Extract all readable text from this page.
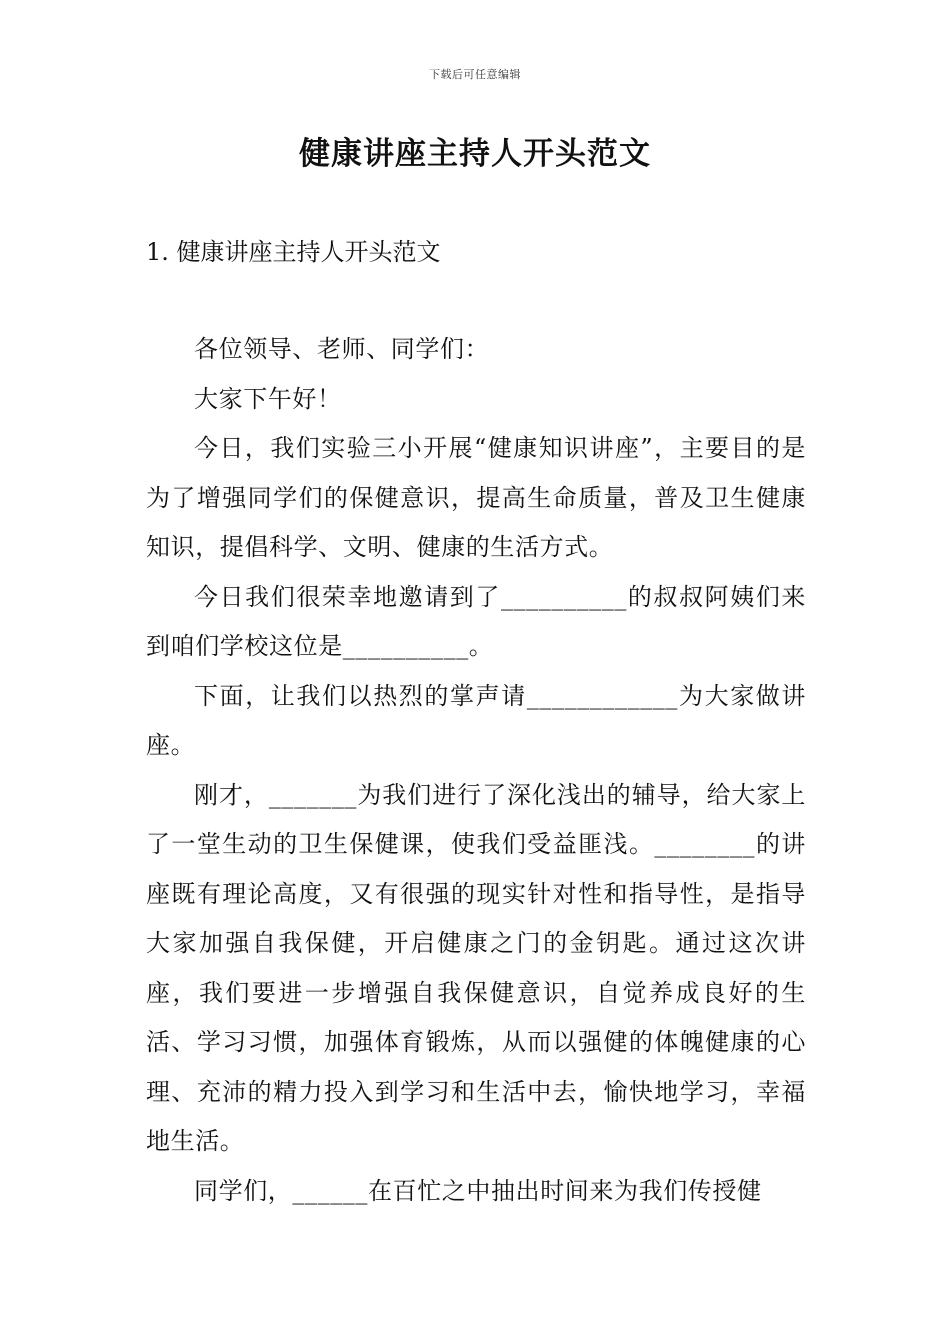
下载后可任意编辑
健康讲座主持人开头范文
1. 健康讲座主持人开头范文

各位领导、老师、同学们：

大家下午好！

今日，我们实验三小开展“健康知识讲座”，主要目的是为了增强同学们的保健意识，提高生命质量，普及卫生健康知识，提倡科学、文明、健康的生活方式。

今日我们很荣幸地邀请到了__________的叔叔阿姨们来到咱们学校这位是__________。

下面，让我们以热烈的掌声请____________为大家做讲座。

刚才，_______为我们进行了深化浅出的辅导，给大家上了一堂生动的卫生保健课，使我们受益匪浅。________的讲座既有理论高度，又有很强的现实针对性和指导性，是指导大家加强自我保健，开启健康之门的金钥匙。通过这次讲座，我们要进一步增强自我保健意识，自觉养成良好的生活、学习习惯，加强体育锻炼，从而以强健的体魄健康的心理、充沛的精力投入到学习和生活中去，愉快地学习，幸福地生活。

同学们，______在百忙之中抽出时间来为我们传授健
